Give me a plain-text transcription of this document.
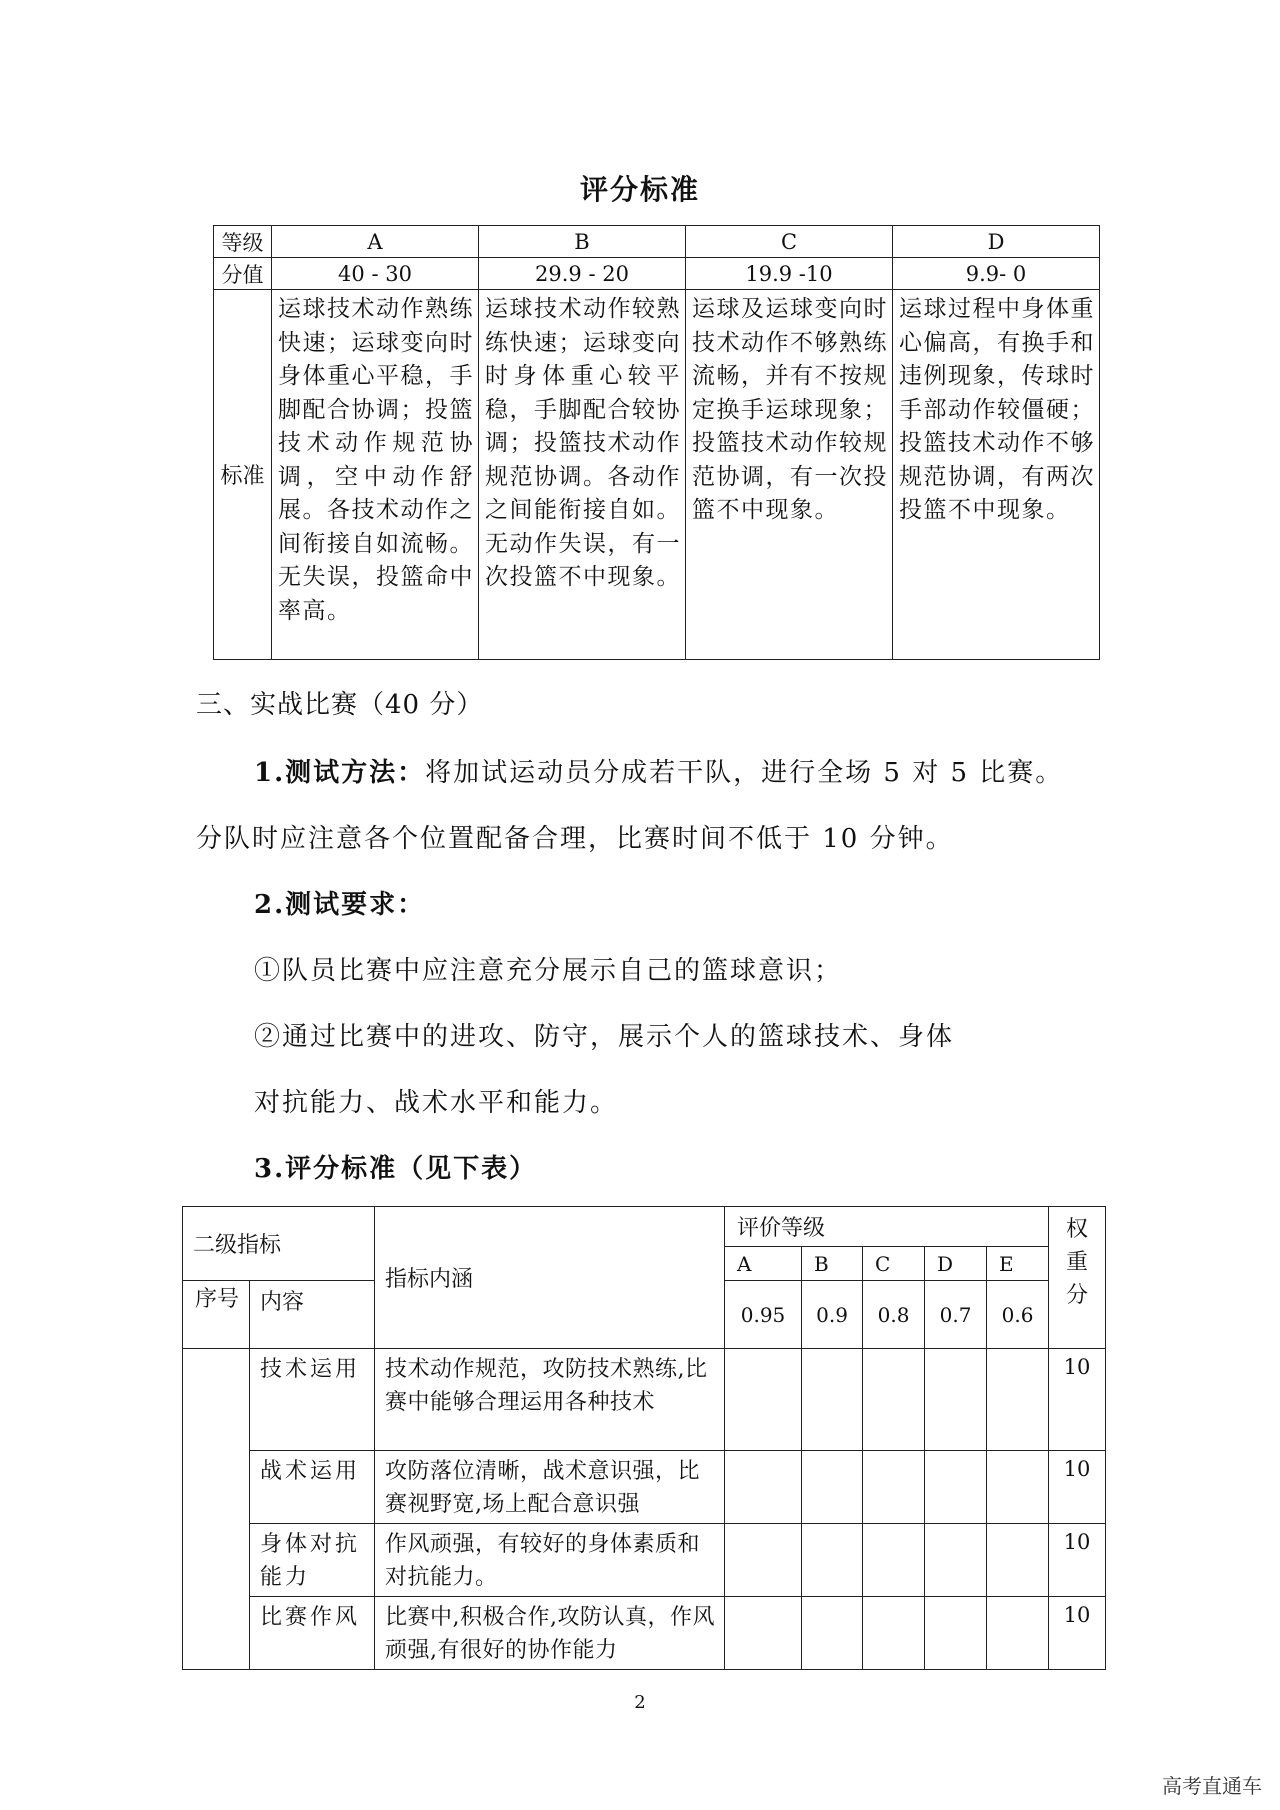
评分标准
等级	A	B	C	D
分值	40 - 30	29.9 - 20	19.9 -10	9.9- 0
标准	运球技术动作熟练快速；运球变向时身体重心平稳，手脚配合协调；投篮技术动作规范协调，空中动作舒展。各技术动作之间衔接自如流畅。无失误，投篮命中率高。	运球技术动作较熟练快速；运球变向时身体重心较平稳，手脚配合较协调；投篮技术动作规范协调。各动作之间能衔接自如。无动作失误，有一次投篮不中现象。	运球及运球变向时技术动作不够熟练流畅，并有不按规定换手运球现象；投篮技术动作较规范协调，有一次投篮不中现象。	运球过程中身体重心偏高，有换手和违例现象，传球时手部动作较僵硬；投篮技术动作不够规范协调，有两次投篮不中现象。
三、实战比赛（40 分）
1.测试方法：将加试运动员分成若干队，进行全场 5 对 5 比赛。
分队时应注意各个位置配备合理，比赛时间不低于 10 分钟。
2.测试要求：
①队员比赛中应注意充分展示自己的篮球意识；
②通过比赛中的进攻、防守，展示个人的篮球技术、身体
对抗能力、战术水平和能力。
3.评分标准（见下表）
二级指标		指标内涵	评价等级					权重分
			A	B	C	D	E	
序号	内容		0.95	0.9	0.8	0.7	0.6	
	技术运用	技术动作规范，攻防技术熟练,比赛中能够合理运用各种技术						10
	战术运用	攻防落位清晰，战术意识强，比赛视野宽,场上配合意识强						10
	身体对抗能力	作风顽强，有较好的身体素质和对抗能力。						10
	比赛作风	比赛中,积极合作,攻防认真，作风顽强,有很好的协作能力						10
2
高考直通车
